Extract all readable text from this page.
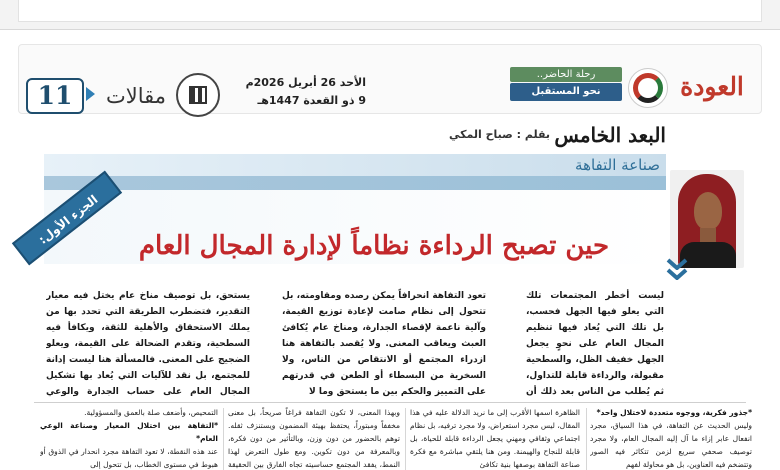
11	مقالات
الأحد 26 أبريل 2026م
9 ذو القعدة 1447هـ
رحلة الحاضر..
نحو المستقبل	العودة
البعد الخامس
بقلم : صباح المكي
صناعة التفاهة
حين تصبح الرداءة نظاماً لإدارة المجال العام
الجزء الأول:
ليست أخطر المجتمعات تلك التي يعلو فيها الجهل فحسب، بل تلك التي يُعاد فيها تنظيم المجال العام على نحوٍ يجعل الجهل خفيف الظل، والسطحية مقبولة، والرداءة قابلة للتداول، ثم يُطلب من الناس بعد ذلك أن
تعود التفاهة انحرافاً يمكن رصده ومقاومته، بل تتحول إلى نظام صامت لإعادة توزيع القيمة، وآلية ناعمة لإقصاء الجدارة، ومناخ عام يُكافئ العبث ويعاقب المعنى. ولا يُقصد بالتفاهة هنا ازدراء المجتمع أو الانتقاص من الناس، ولا السخرية من البسطاء أو الطعن في قدرتهم على التمييز والحكم بين ما يستحق وما لا
يستحق، بل توصيف مناخ عام يختل فيه معيار التقدير، فتضطرب الطريقة التي تحدد بها من يملك الاستحقاق والأهلية للثقة، ويكافأ فيه السطحية، وتقدم الضحالة على القيمة، ويعلو الضجيج على المعنى. فالمسألة هنا ليست إدانة للمجتمع، بل نقد للآليات التي يُعاد بها تشكيل المجال العام على حساب الجدارة والوعي
*جذور فكرية، ووجوه متعددة لاختلال واحد*
وليس الحديث عن التفاهة، في هذا السياق، مجرد انفعال عابر إزاء ما آل إليه المجال العام، ولا مجرد توصيف صحفي سريع لزمن تتكاثر فيه الصور وتتضخم فيه العناوين، بل هو محاولة لفهم
الظاهرة اسمها الأقرب إلى ما نريد الدلالة عليه في هذا المقال، ليس مجرد استعراض، ولا مجرد ترفيه، بل نظام اجتماعي وثقافي ومهني يجعل الرداءة قابلة للحياة، بل قابلة للنجاح والهيمنة. ومن هنا يلتقي مباشرة مع فكرة صناعة التفاهة بوصفها بنية تكافئ
وبهذا المعنى، لا تكون التفاهة فراغاً صريحاً، بل معنى مخففاً ومبتوراً، يحتفظ بهيئة المضمون ويستنزف ثقله. توهم بالحضور من دون وزن، وبالتأثير من دون فكرة، وبالمعرفة من دون تكوين. ومع طول التعرض لهذا النمط، يفقد المجتمع حساسيته تجاه الفارق بين الحقيقة
التمحيص، وأضعف صلة بالعمق والمسؤولية.
*التفاهة بين اختلال المعيار وصناعة الوعي العام*
عند هذه النقطة، لا تعود التفاهة مجرد انحدار في الذوق أو هبوط في مستوى الخطاب، بل تتحول إلى
